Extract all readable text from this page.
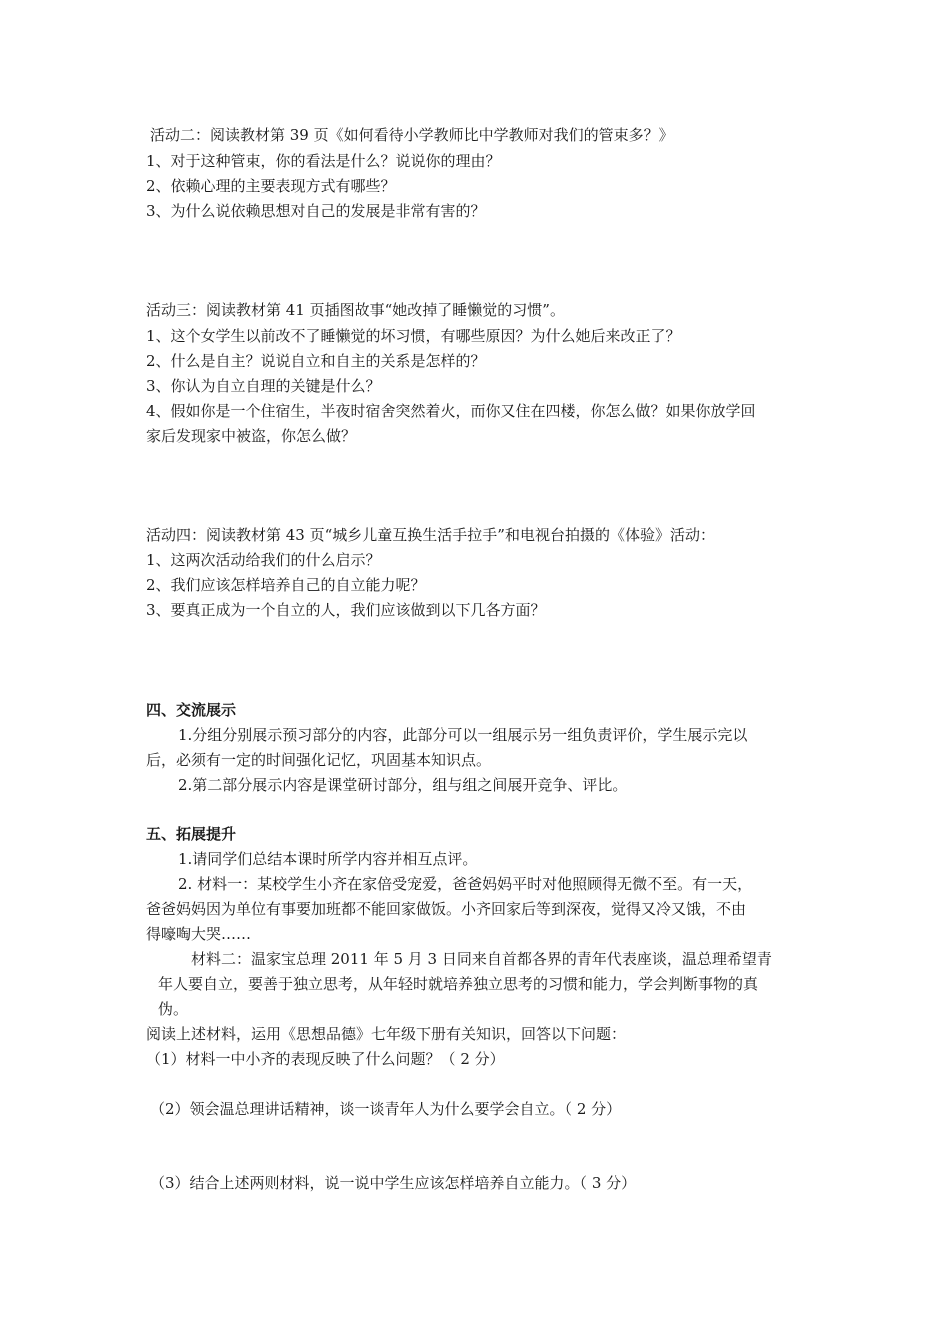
活动二：阅读教材第 39 页《如何看待小学教师比中学教师对我们的管束多？》
1、对于这种管束，你的看法是什么？说说你的理由？
2、依赖心理的主要表现方式有哪些？
3、为什么说依赖思想对自己的发展是非常有害的？
活动三：阅读教材第 41 页插图故事“她改掉了睡懒觉的习惯”。
1、这个女学生以前改不了睡懒觉的坏习惯，有哪些原因？为什么她后来改正了？
2、什么是自主？说说自立和自主的关系是怎样的？
3、你认为自立自理的关键是什么？
4、假如你是一个住宿生，半夜时宿舍突然着火，而你又住在四楼，你怎么做？如果你放学回
家后发现家中被盗，你怎么做？
活动四：阅读教材第 43 页“城乡儿童互换生活手拉手”和电视台拍摄的《体验》活动：
1、这两次活动给我们的什么启示？
2、我们应该怎样培养自己的自立能力呢？
3、要真正成为一个自立的人，我们应该做到以下几各方面？
四、交流展示
1.分组分别展示预习部分的内容，此部分可以一组展示另一组负责评价，学生展示完以
后，必须有一定的时间强化记忆，巩固基本知识点。
2.第二部分展示内容是课堂研讨部分，组与组之间展开竞争、评比。
五、拓展提升
1.请同学们总结本课时所学内容并相互点评。
2. 材料一：某校学生小齐在家倍受宠爱，爸爸妈妈平时对他照顾得无微不至。有一天，
爸爸妈妈因为单位有事要加班都不能回家做饭。小齐回家后等到深夜，觉得又冷又饿，不由
得嚎啕大哭……
材料二：温家宝总理 2011 年 5 月 3 日同来自首都各界的青年代表座谈，温总理希望青
年人要自立，要善于独立思考，从年轻时就培养独立思考的习惯和能力，学会判断事物的真
伪。
阅读上述材料，运用《思想品德》七年级下册有关知识，回答以下问题：
（1）材料一中小齐的表现反映了什么问题？（ 2 分）
（2）领会温总理讲话精神，谈一谈青年人为什么要学会自立。（ 2 分）
（3）结合上述两则材料，说一说中学生应该怎样培养自立能力。（ 3 分）
